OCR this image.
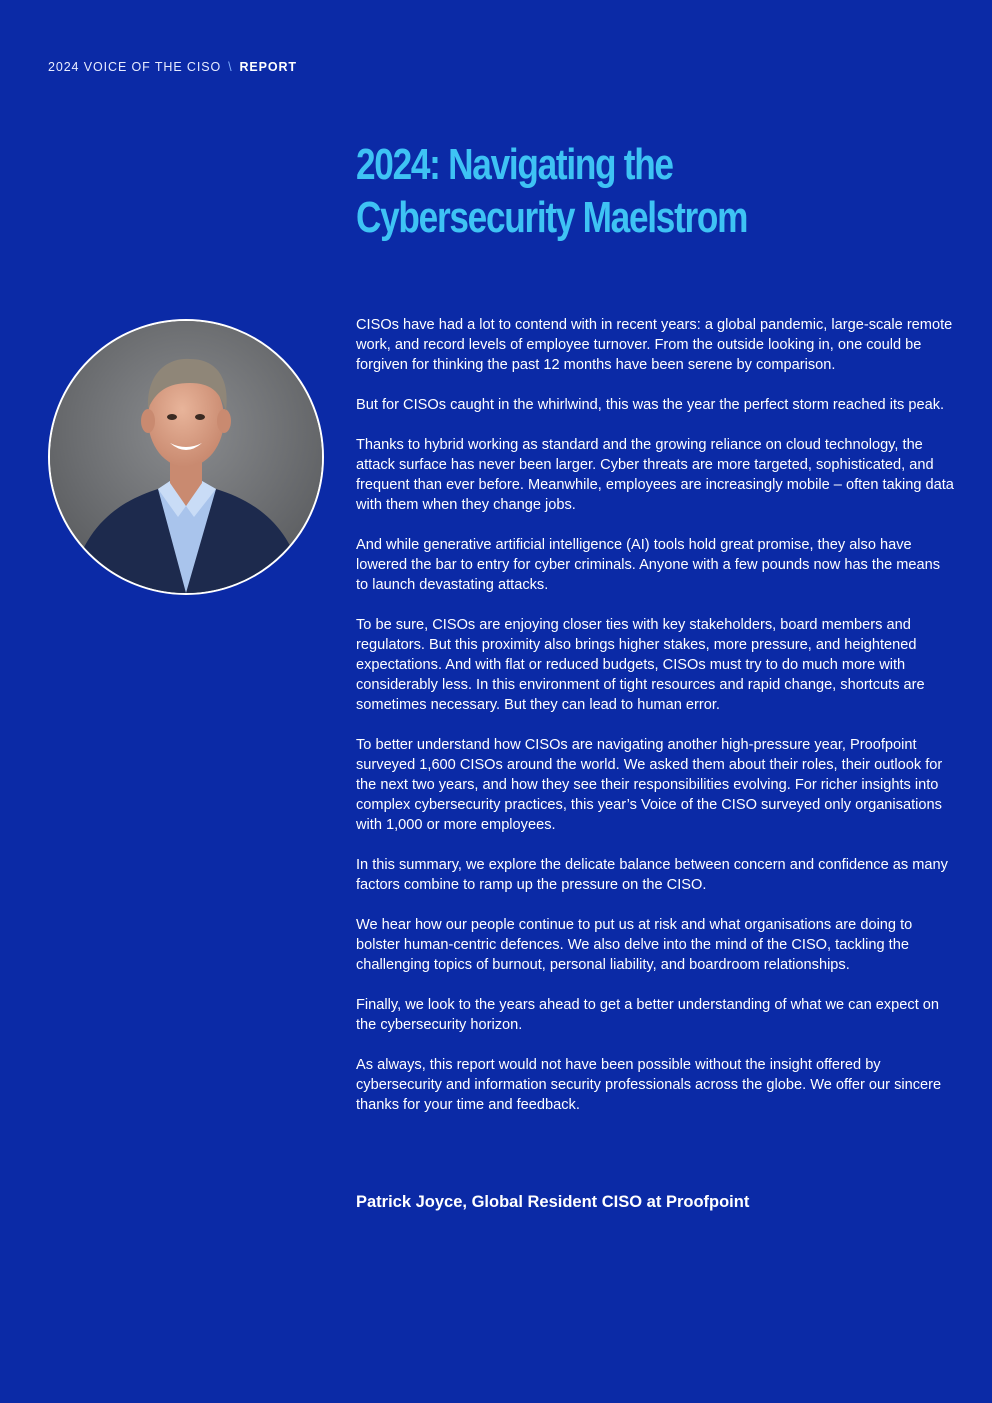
2024 VOICE OF THE CISO \ REPORT
2024: Navigating the
Cybersecurity Maelstrom

CISOs have had a lot to contend with in recent years: a global pandemic, large-scale remote work, and record levels of employee turnover. From the outside looking in, one could be forgiven for thinking the past 12 months have been serene by comparison.

But for CISOs caught in the whirlwind, this was the year the perfect storm reached its peak.

Thanks to hybrid working as standard and the growing reliance on cloud technology, the attack surface has never been larger. Cyber threats are more targeted, sophisticated, and frequent than ever before. Meanwhile, employees are increasingly mobile – often taking data with them when they change jobs.

And while generative artificial intelligence (AI) tools hold great promise, they also have lowered the bar to entry for cyber criminals. Anyone with a few pounds now has the means to launch devastating attacks.

To be sure, CISOs are enjoying closer ties with key stakeholders, board members and regulators. But this proximity also brings higher stakes, more pressure, and heightened expectations. And with flat or reduced budgets, CISOs must try to do much more with considerably less. In this environment of tight resources and rapid change, shortcuts are sometimes necessary. But they can lead to human error.

To better understand how CISOs are navigating another high-pressure year, Proofpoint surveyed 1,600 CISOs around the world. We asked them about their roles, their outlook for the next two years, and how they see their responsibilities evolving. For richer insights into complex cybersecurity practices, this year’s Voice of the CISO surveyed only organisations with 1,000 or more employees.

In this summary, we explore the delicate balance between concern and confidence as many factors combine to ramp up the pressure on the CISO.

We hear how our people continue to put us at risk and what organisations are doing to bolster human-centric defences. We also delve into the mind of the CISO, tackling the challenging topics of burnout, personal liability, and boardroom relationships.

Finally, we look to the years ahead to get a better understanding of what we can expect on the cybersecurity horizon.

As always, this report would not have been possible without the insight offered by cybersecurity and information security professionals across the globe. We offer our sincere thanks for your time and feedback.

Patrick Joyce, Global Resident CISO at Proofpoint
